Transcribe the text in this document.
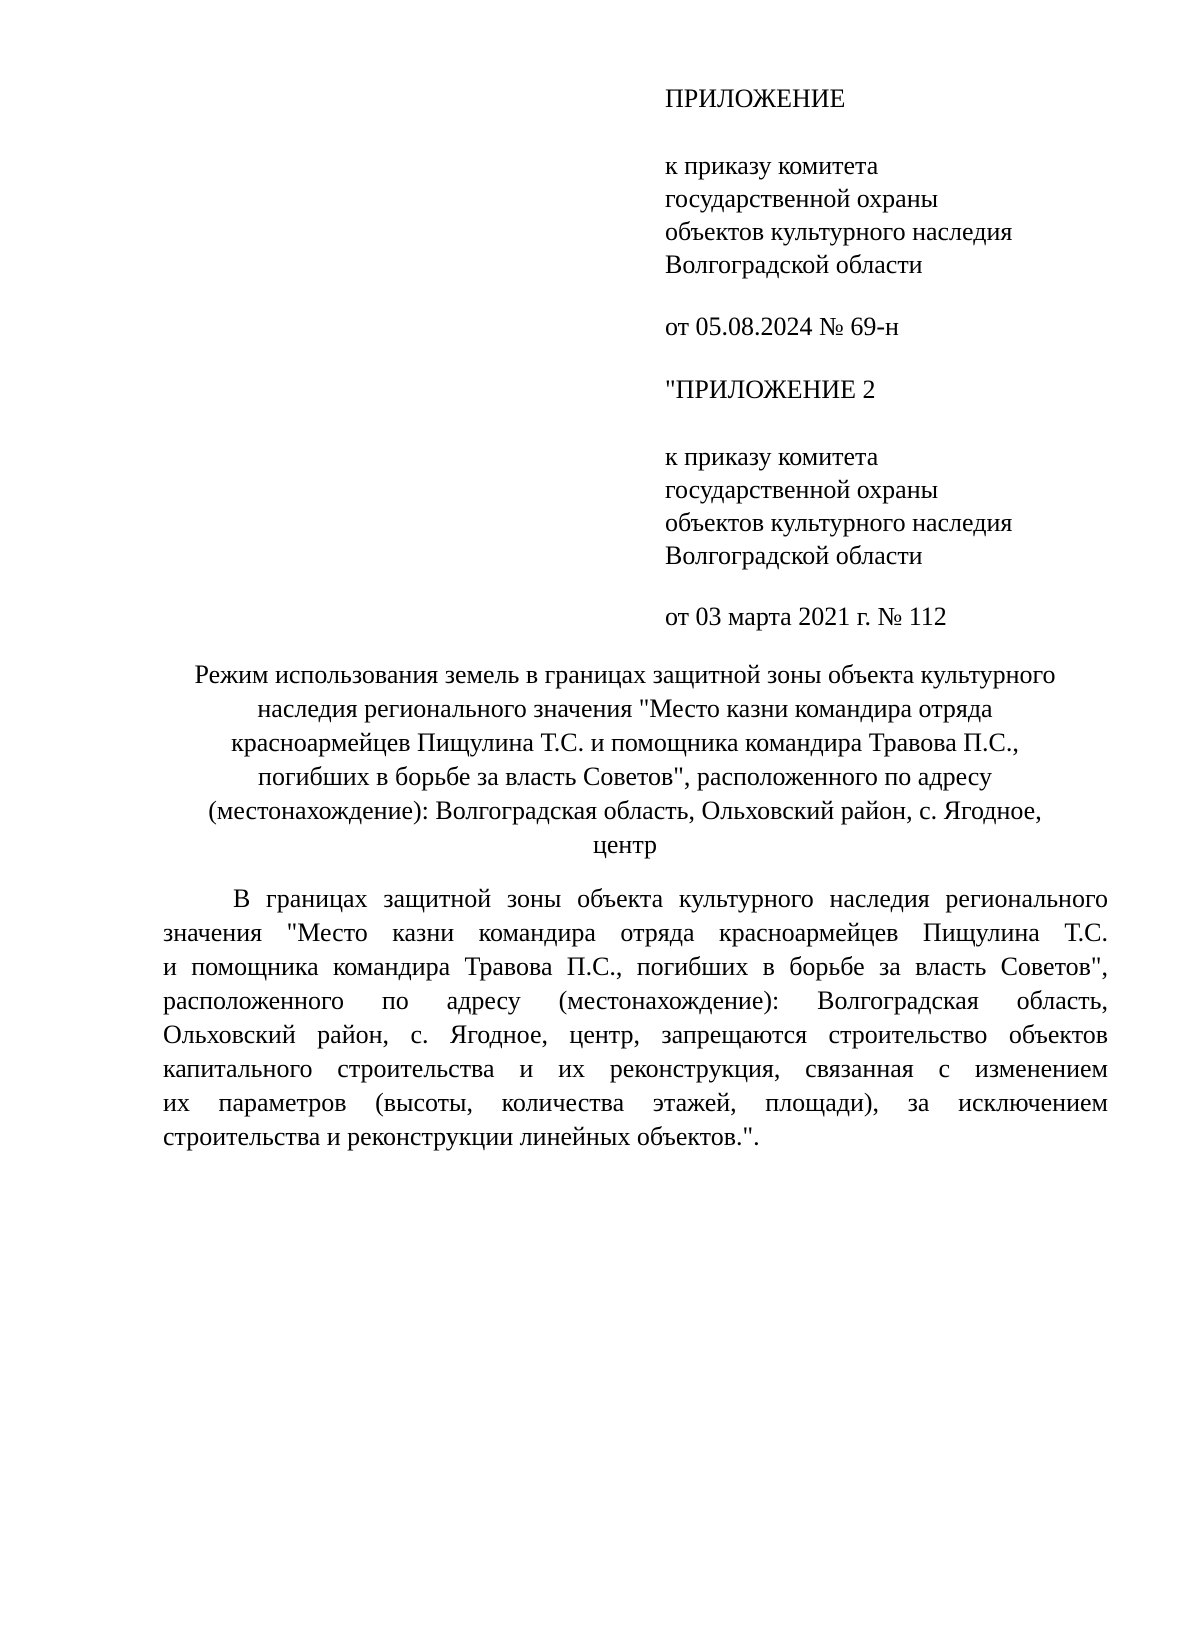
ПРИЛОЖЕНИЕ

к приказу комитета

государственной охраны

объектов культурного наследия

Волгоградской области

от 05.08.2024 № 69-н

"ПРИЛОЖЕНИЕ 2

к приказу комитета

государственной охраны

объектов культурного наследия

Волгоградской области

от 03 марта 2021 г. № 112

Режим использования земель в границах защитной зоны объекта культурного
наследия регионального значения "Место казни командира отряда
красноармейцев Пищулина Т.С. и помощника командира Травова П.С.,
погибших в борьбе за власть Советов", расположенного по адресу
(местонахождение): Волгоградская область, Ольховский район, с. Ягодное,
центр
В границах защитной зоны объекта культурного наследия регионального
значения "Место казни командира отряда красноармейцев Пищулина Т.С.
и помощника командира Травова П.С., погибших в борьбе за власть Советов",
расположенного по адресу (местонахождение): Волгоградская область,
Ольховский район, с. Ягодное, центр, запрещаются строительство объектов
капитального строительства и их реконструкция, связанная с изменением
их параметров (высоты, количества этажей, площади), за исключением
строительства и реконструкции линейных объектов.".
